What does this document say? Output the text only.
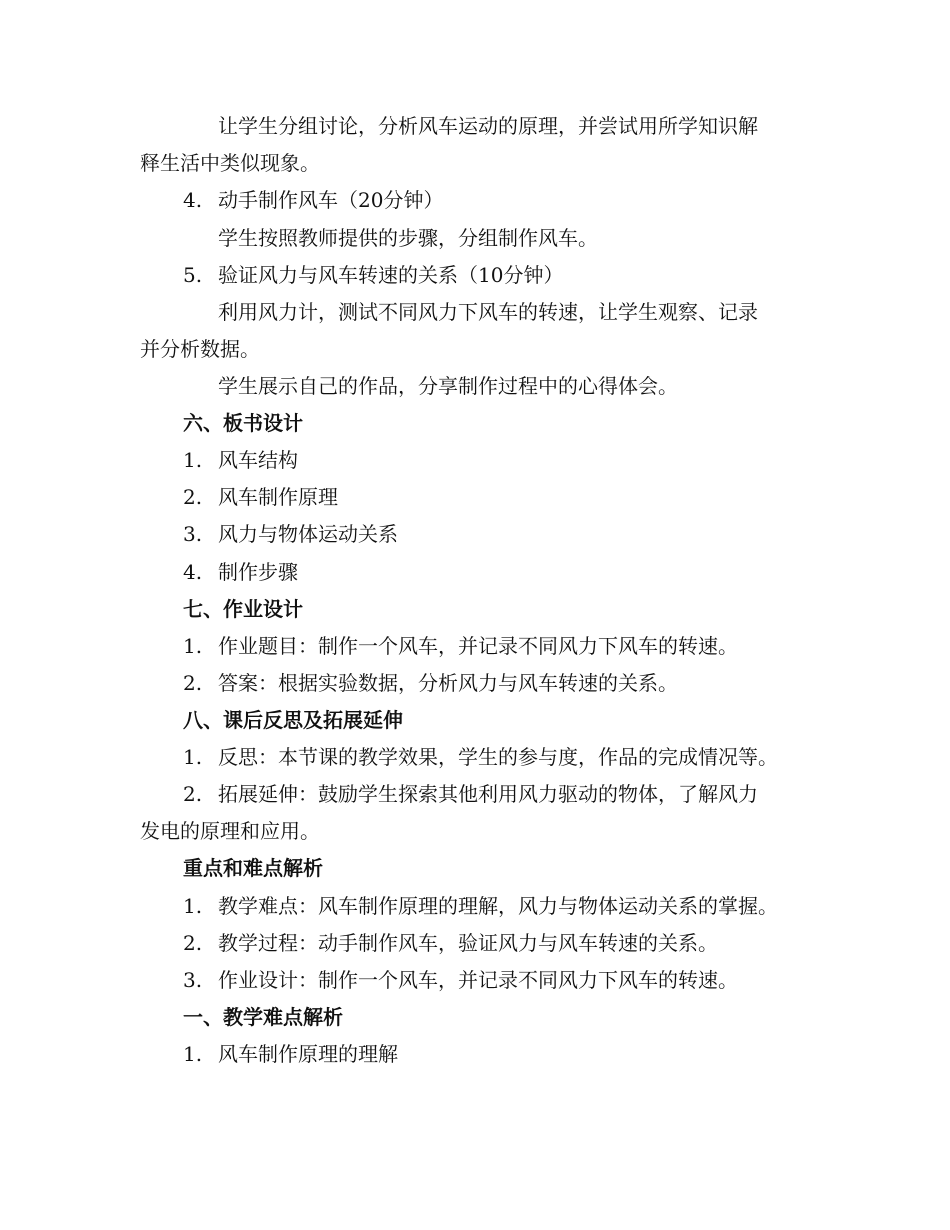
让学生分组讨论，分析风车运动的原理，并尝试用所学知识解
释生活中类似现象。
4. 动手制作风车（20分钟）
学生按照教师提供的步骤，分组制作风车。
5. 验证风力与风车转速的关系（10分钟）
利用风力计，测试不同风力下风车的转速，让学生观察、记录
并分析数据。
学生展示自己的作品，分享制作过程中的心得体会。
六、板书设计
1. 风车结构
2. 风车制作原理
3. 风力与物体运动关系
4. 制作步骤
七、作业设计
1. 作业题目：制作一个风车，并记录不同风力下风车的转速。
2. 答案：根据实验数据，分析风力与风车转速的关系。
八、课后反思及拓展延伸
1. 反思：本节课的教学效果，学生的参与度，作品的完成情况等。
2. 拓展延伸：鼓励学生探索其他利用风力驱动的物体，了解风力
发电的原理和应用。
重点和难点解析
1. 教学难点：风车制作原理的理解，风力与物体运动关系的掌握。
2. 教学过程：动手制作风车，验证风力与风车转速的关系。
3. 作业设计：制作一个风车，并记录不同风力下风车的转速。
一、教学难点解析
1. 风车制作原理的理解
